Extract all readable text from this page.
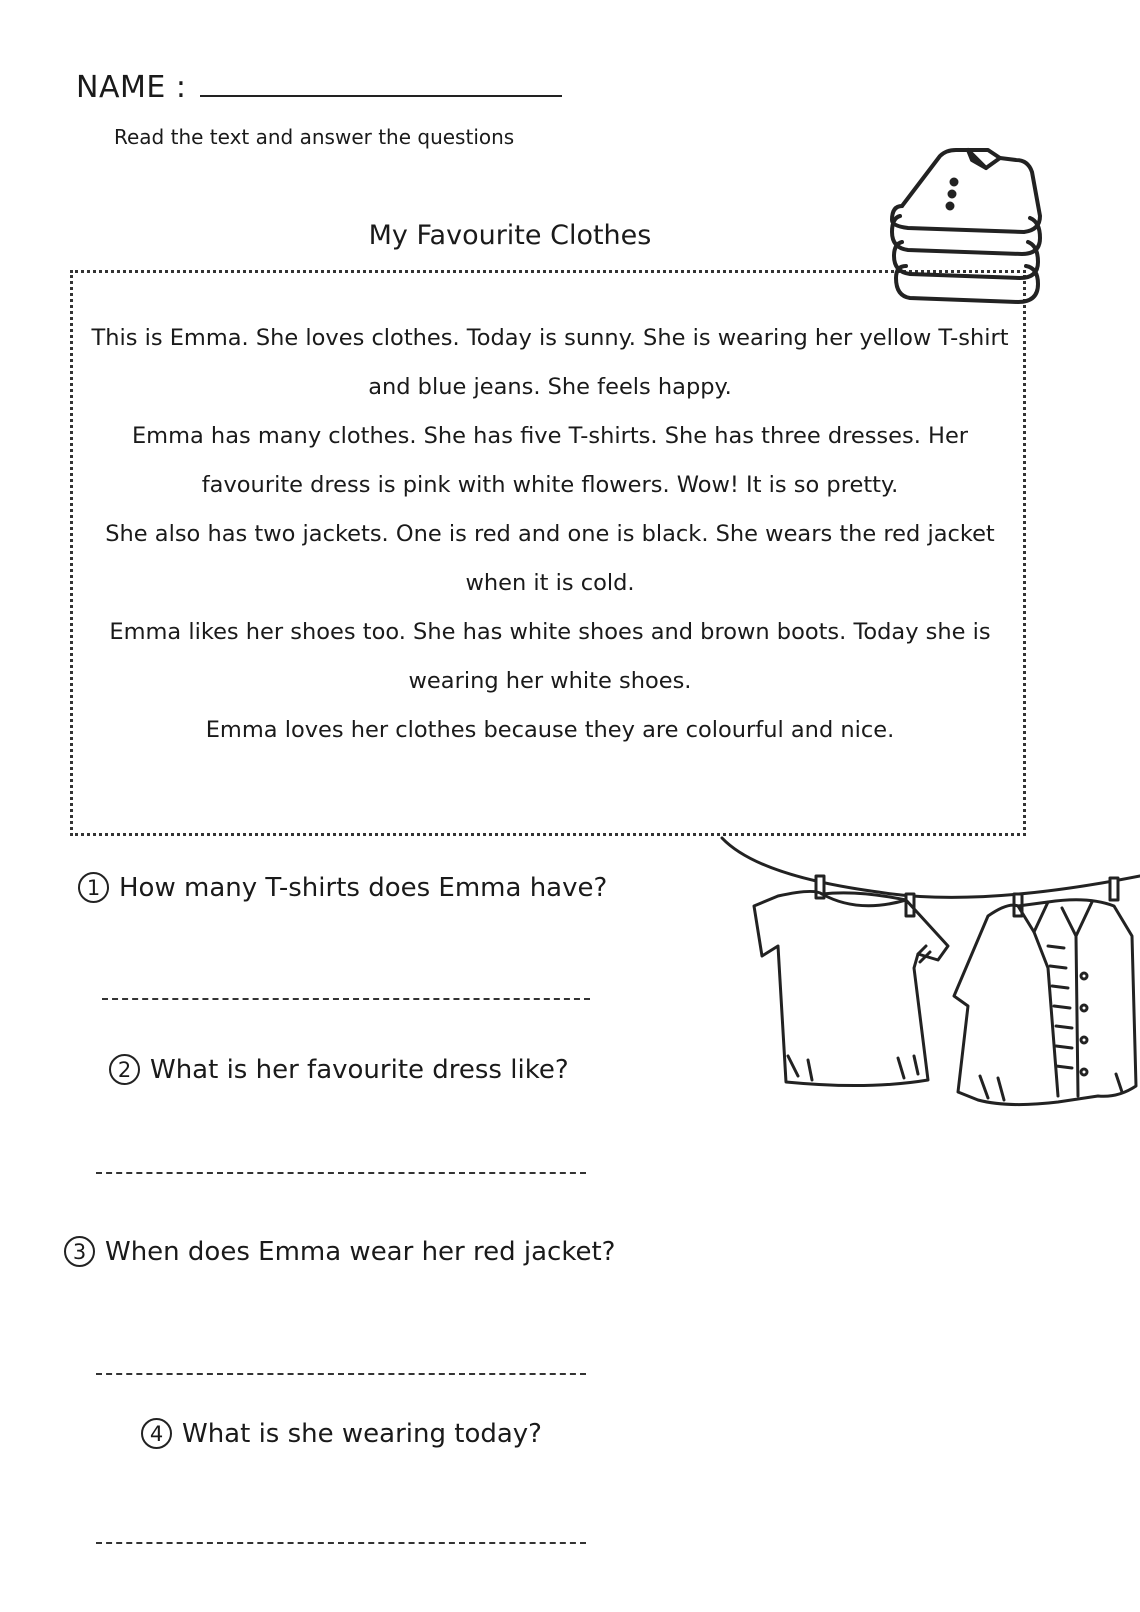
NAME :
Read the text and answer the questions
My Favourite Clothes

This is Emma. She loves clothes. Today is sunny. She is wearing her yellow T-shirt and blue jeans. She feels happy.

Emma has many clothes. She has five T-shirts. She has three dresses. Her favourite dress is pink with white flowers. Wow! It is so pretty.

She also has two jackets. One is red and one is black. She wears the red jacket when it is cold.

Emma likes her shoes too. She has white shoes and brown boots. Today she is wearing her white shoes.

Emma loves her clothes because they are colourful and nice.

1 How many T-shirts does Emma have?
2 What is her favourite dress like?
3 When does Emma wear her red jacket?
4 What is she wearing today?
